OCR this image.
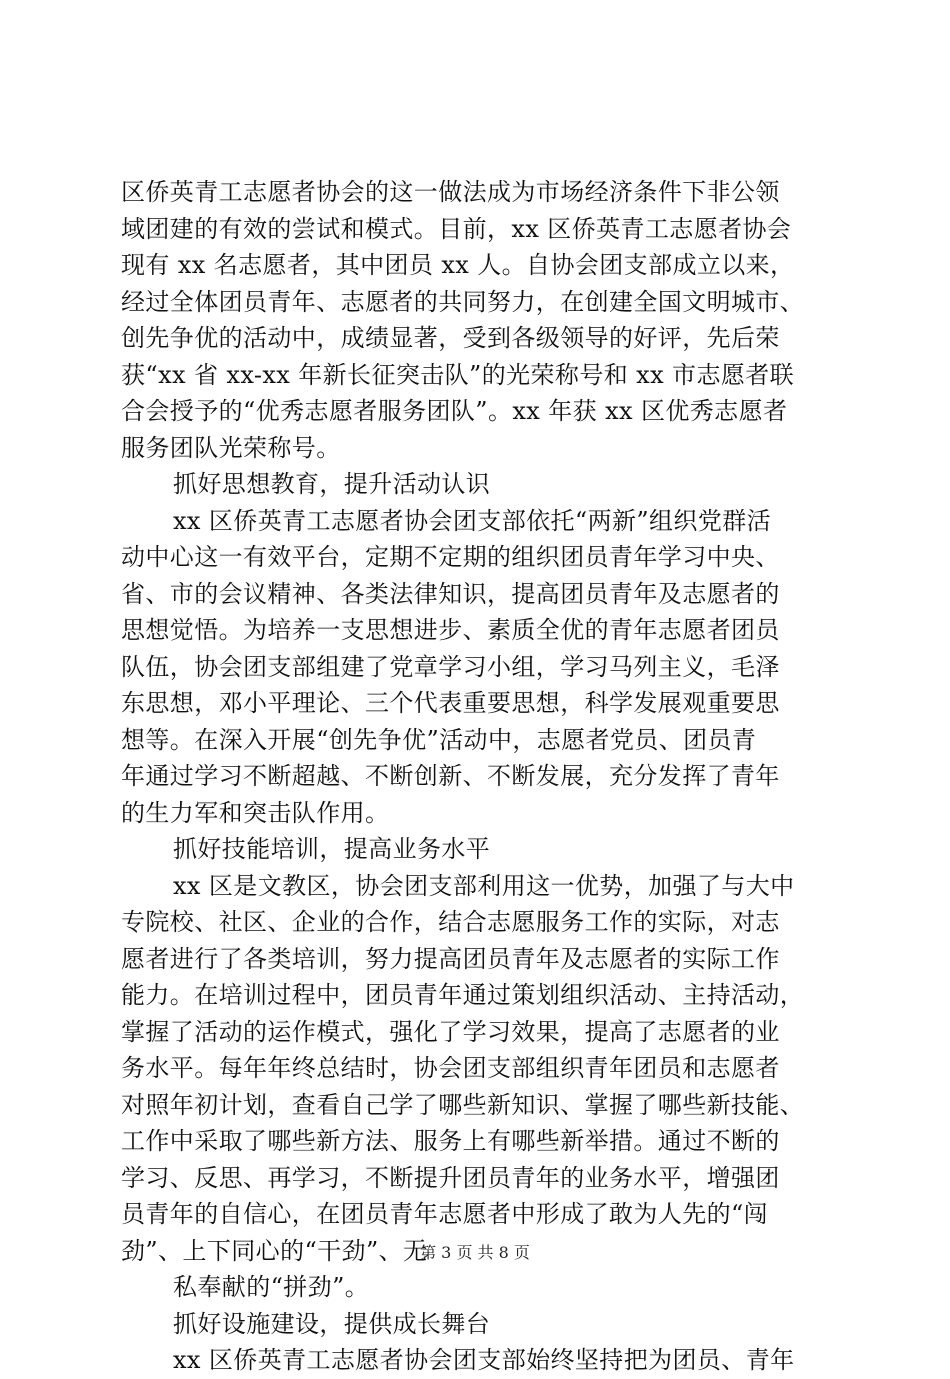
区侨英青工志愿者协会的这一做法成为市场经济条件下非公领
域团建的有效的尝试和模式。目前，xx 区侨英青工志愿者协会
现有 xx 名志愿者，其中团员 xx 人。自协会团支部成立以来，
经过全体团员青年、志愿者的共同努力，在创建全国文明城市、
创先争优的活动中，成绩显著，受到各级领导的好评，先后荣
获“xx 省 xx-xx 年新长征突击队”的光荣称号和 xx 市志愿者联
合会授予的“优秀志愿者服务团队”。xx 年获 xx 区优秀志愿者
服务团队光荣称号。
抓好思想教育，提升活动认识
xx 区侨英青工志愿者协会团支部依托“两新”组织党群活
动中心这一有效平台，定期不定期的组织团员青年学习中央、
省、市的会议精神、各类法律知识，提高团员青年及志愿者的
思想觉悟。为培养一支思想进步、素质全优的青年志愿者团员
队伍，协会团支部组建了党章学习小组，学习马列主义，毛泽
东思想，邓小平理论、三个代表重要思想，科学发展观重要思
想等。在深入开展“创先争优”活动中，志愿者党员、团员青
年通过学习不断超越、不断创新、不断发展，充分发挥了青年
的生力军和突击队作用。
抓好技能培训，提高业务水平
xx 区是文教区，协会团支部利用这一优势，加强了与大中
专院校、社区、企业的合作，结合志愿服务工作的实际，对志
愿者进行了各类培训，努力提高团员青年及志愿者的实际工作
能力。在培训过程中，团员青年通过策划组织活动、主持活动，
掌握了活动的运作模式，强化了学习效果，提高了志愿者的业
务水平。每年年终总结时，协会团支部组织青年团员和志愿者
对照年初计划，查看自己学了哪些新知识、掌握了哪些新技能、
工作中采取了哪些新方法、服务上有哪些新举措。通过不断的
学习、反思、再学习，不断提升团员青年的业务水平，增强团
员青年的自信心，在团员青年志愿者中形成了敢为人先的“闯
劲”、上下同心的“干劲”、无
私奉献的“拼劲”。
抓好设施建设，提供成长舞台
xx 区侨英青工志愿者协会团支部始终坚持把为团员、青年
第 3 页 共 8 页
